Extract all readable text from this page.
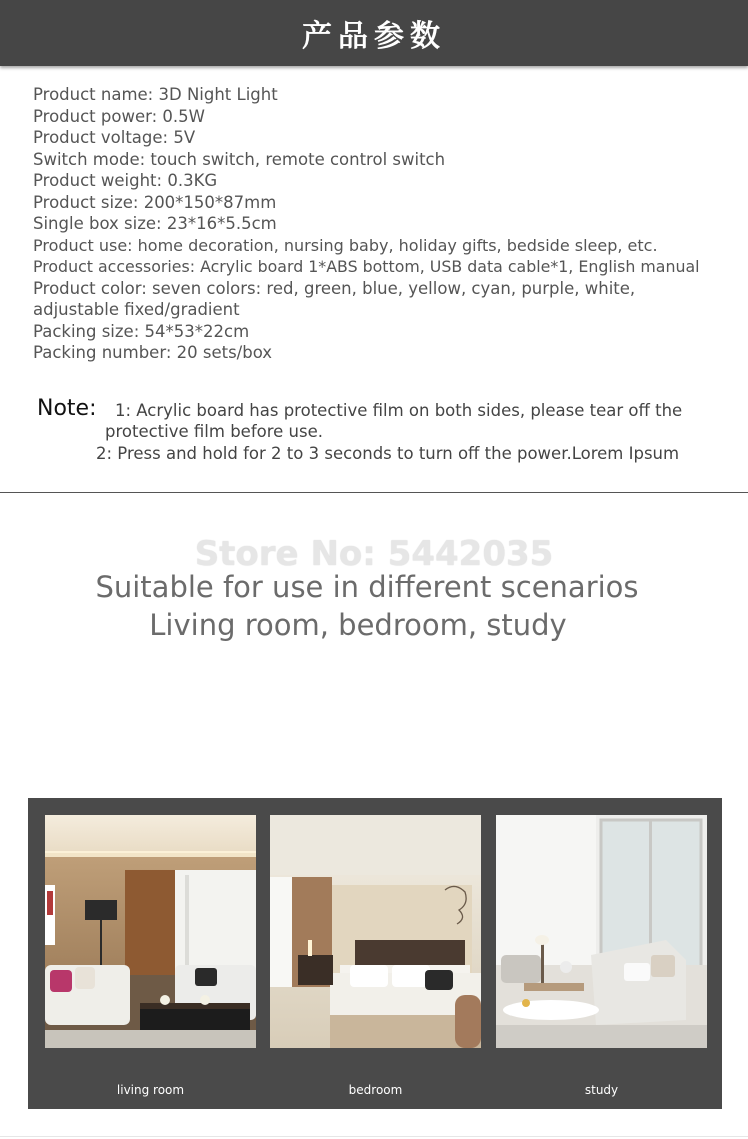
产品参数
Product name: 3D Night Light
Product power: 0.5W
Product voltage: 5V
Switch mode: touch switch, remote control switch
Product weight: 0.3KG
Product size: 200*150*87mm
Single box size: 23*16*5.5cm
Product use: home decoration, nursing baby, holiday gifts, bedside sleep, etc.
Product accessories: Acrylic board 1*ABS bottom, USB data cable*1, English manual
Product color: seven colors: red, green, blue, yellow, cyan, purple, white, adjustable fixed/gradient
Packing size: 54*53*22cm
Packing number: 20 sets/box
Note: 1: Acrylic board has protective film on both sides, please tear off the
protective film before use.
2: Press and hold for 2 to 3 seconds to turn off the power.Lorem Ipsum
Store No: 5442035
Suitable for use in different scenarios
Living room, bedroom, study
living room	bedroom	study
